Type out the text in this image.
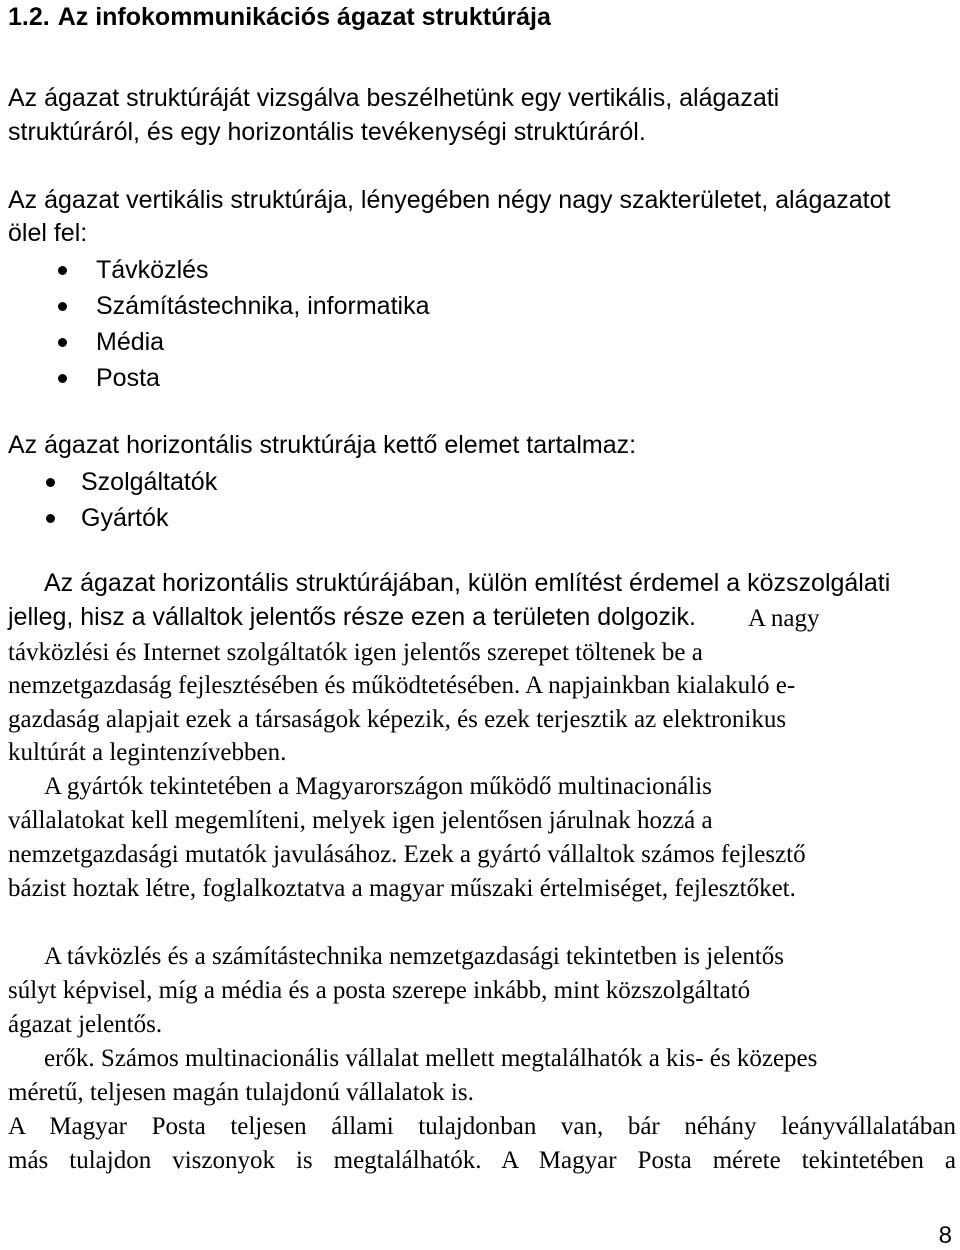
1.2. Az infokommunikációs ágazat struktúrája
Az ágazat struktúráját vizsgálva beszélhetünk egy vertikális, alágazati
struktúráról, és egy horizontális tevékenységi struktúráról.
Az ágazat vertikális struktúrája, lényegében négy nagy szakterületet, alágazatot
ölel fel:
Távközlés
Számítástechnika, informatika
Média
Posta
Az ágazat horizontális struktúrája kettő elemet tartalmaz:
Szolgáltatók
Gyártók
Az ágazat horizontális struktúrájában, külön említést érdemel a közszolgálati
jelleg, hisz a vállaltok jelentős része ezen a területen dolgozik. A nagy
távközlési és Internet szolgáltatók igen jelentős szerepet töltenek be a
nemzetgazdaság fejlesztésében és működtetésében. A napjainkban kialakuló e-
gazdaság alapjait ezek a társaságok képezik, és ezek terjesztik az elektronikus
kultúrát a legintenzívebben.
A gyártók tekintetében a Magyarországon működő multinacionális
vállalatokat kell megemlíteni, melyek igen jelentősen járulnak hozzá a
nemzetgazdasági mutatók javulásához. Ezek a gyártó vállaltok számos fejlesztő
bázist hoztak létre, foglalkoztatva a magyar műszaki értelmiséget, fejlesztőket.
A távközlés és a számítástechnika nemzetgazdasági tekintetben is jelentős
súlyt képvisel, míg a média és a posta szerepe inkább, mint közszolgáltató
ágazat jelentős.
erők. Számos multinacionális vállalat mellett megtalálhatók a kis- és közepes
méretű, teljesen magán tulajdonú vállalatok is.
A Magyar Posta teljesen állami tulajdonban van, bár néhány leányvállalatában
más tulajdon viszonyok is megtalálhatók. A Magyar Posta mérete tekintetében a
8
